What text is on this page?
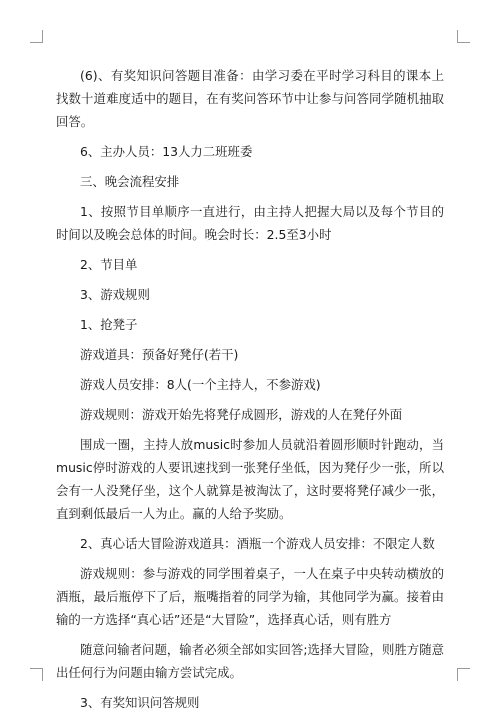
(6)、有奖知识问答题目准备：由学习委在平时学习科目的课本上找数十道难度适中的题目，在有奖问答环节中让参与问答同学随机抽取回答。

6、主办人员：13人力二班班委

三、晚会流程安排

1、按照节目单顺序一直进行，由主持人把握大局以及每个节目的时间以及晚会总体的时间。晚会时长：2.5至3小时

2、节目单

3、游戏规则

1、抢凳子

游戏道具：预备好凳仔(若干)

游戏人员安排：8人(一个主持人，不参游戏)

游戏规则：游戏开始先将凳仔成圆形，游戏的人在凳仔外面

围成一圈，主持人放music时参加人员就沿着圆形顺时针跑动，当music停时游戏的人要讯速找到一张凳仔坐低，因为凳仔少一张，所以会有一人没凳仔坐，这个人就算是被淘汰了，这时要将凳仔减少一张，直到剩低最后一人为止。赢的人给予奖励。

2、真心话大冒险游戏道具：酒瓶一个游戏人员安排：不限定人数

游戏规则：参与游戏的同学围着桌子，一人在桌子中央转动横放的酒瓶，最后瓶停下了后，瓶嘴指着的同学为输，其他同学为赢。接着由输的一方选择“真心话”还是“大冒险”，选择真心话，则有胜方

随意问输者问题，输者必须全部如实回答;选择大冒险，则胜方随意出任何行为问题由输方尝试完成。

3、有奖知识问答规则
